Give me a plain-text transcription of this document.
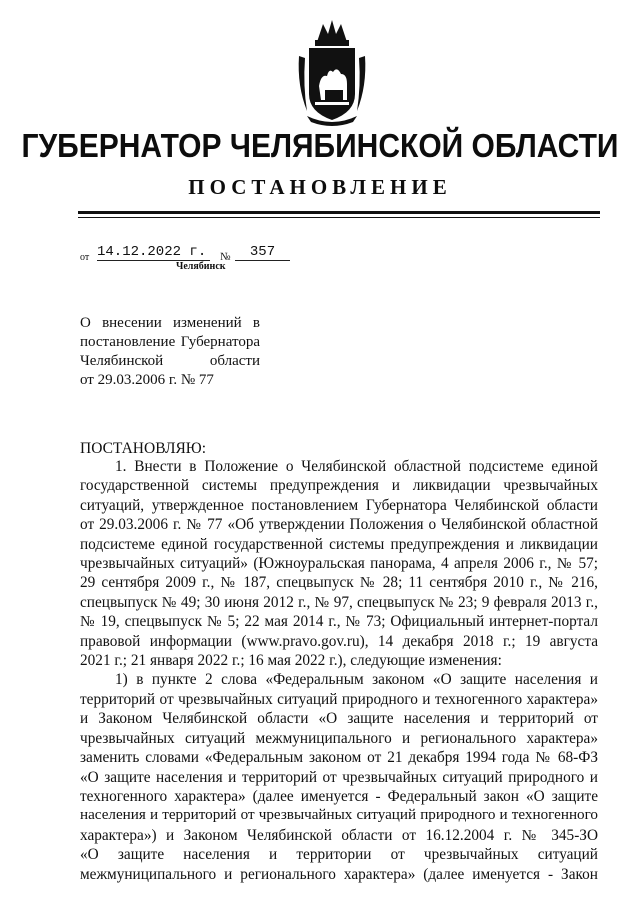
ГУБЕРНАТОР ЧЕЛЯБИНСКОЙ ОБЛАСТИ
ПОСТАНОВЛЕНИЕ
от 14.12.2022 г.	№	357
Челябинск
О внесении изменений в
постановление Губернатора
Челябинской	области
от 29.03.2006 г. № 77
ПОСТАНОВЛЯЮ:
1. Внести в Положение о Челябинской областной подсистеме единой
государственной системы предупреждения и ликвидации чрезвычайных
ситуаций, утвержденное постановлением Губернатора Челябинской области
от 29.03.2006 г. № 77 «Об утверждении Положения о Челябинской областной
подсистеме единой государственной системы предупреждения и ликвидации
чрезвычайных ситуаций» (Южноуральская панорама, 4 апреля 2006 г., № 57;
29 сентября 2009 г., № 187, спецвыпуск № 28; 11 сентября 2010 г., № 216,
спецвыпуск № 49; 30 июня 2012 г., № 97, спецвыпуск № 23; 9 февраля 2013 г.,
№ 19, спецвыпуск № 5; 22 мая 2014 г., № 73; Официальный интернет-портал
правовой информации (www.pravo.gov.ru), 14 декабря 2018 г.; 19 августа
2021 г.; 21 января 2022 г.; 16 мая 2022 г.), следующие изменения:
1) в пункте 2 слова «Федеральным законом «О защите населения и
территорий от чрезвычайных ситуаций природного и техногенного характера»
и Законом Челябинской области «О защите населения и территорий от
чрезвычайных ситуаций межмуниципального и регионального характера»
заменить словами «Федеральным законом от 21 декабря 1994 года № 68-ФЗ
«О защите населения и территорий от чрезвычайных ситуаций природного и
техногенного характера» (далее именуется - Федеральный закон «О защите
населения и территорий от чрезвычайных ситуаций природного и техногенного
характера») и Законом Челябинской области от 16.12.2004 г. № 345-ЗО
«О защите населения и территории от чрезвычайных ситуаций
межмуниципального и регионального характера» (далее именуется - Закон
